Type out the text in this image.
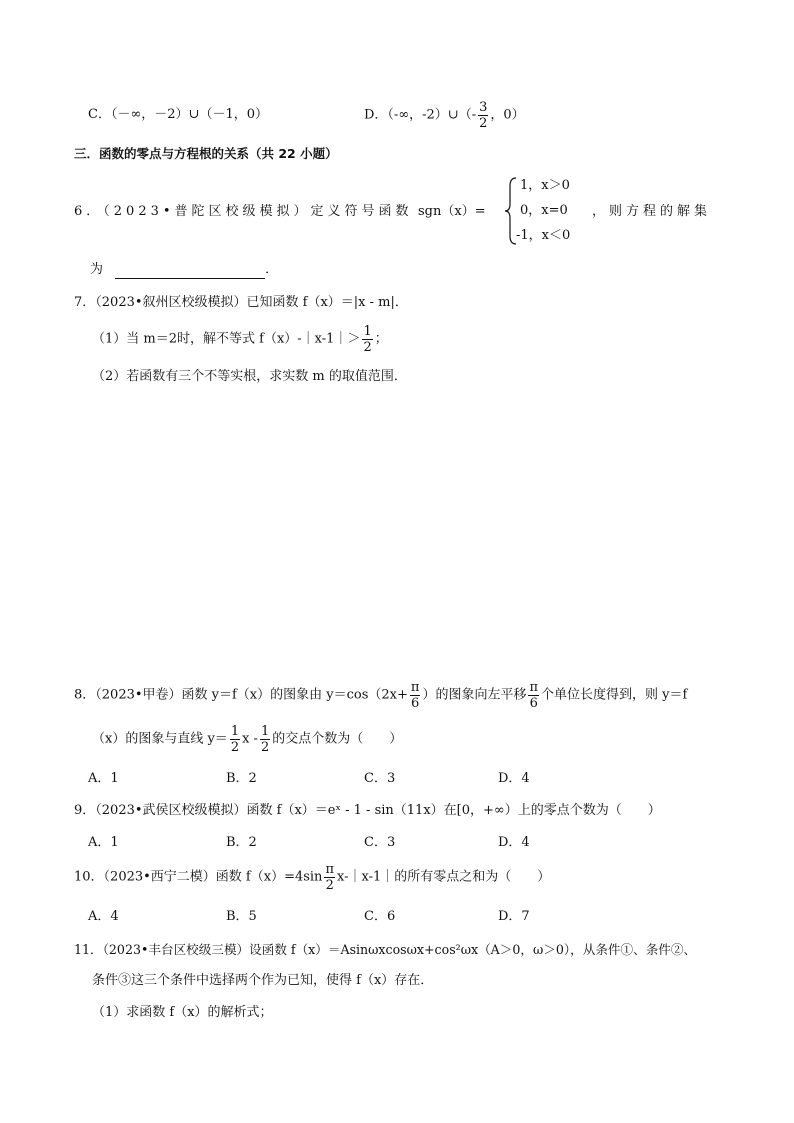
C．（－∞，－2）∪（－1，0）	D．（-∞，-2）∪（- $\frac{3}{2}$ ，0）
三．函数的零点与方程根的关系（共 22 小题）
6．（2023•普陀区校级模拟）定义符号函数 sgn（x）=
1，x＞0
0，x=0
-1，x＜0
，则方程的解集
为	．
7．（2023•叙州区校级模拟）已知函数 f（x）＝|x - m|．
（1）当 m＝2时，解不等式 f（x）-｜x-1｜＞ $\frac{1}{2}$ ；
（2）若函数有三个不等实根，求实数 m 的取值范围．
8．（2023•甲卷）函数 y＝f（x）的图象由 $y=\cos(2x+ \frac{\pi}{6}$ ）的图象向左平移 $\frac{\pi}{6}$ 个单位长度得到，则 y＝f
（x）的图象与直线 $y= \frac{1}{2}$ x - $\frac{1}{2}$ 的交点个数为（　　）
A．1	B．2	C．3	D．4
9．（2023•武侯区校级模拟）函数 f（x）＝eˣ - 1 - sin（11x）在[0，+∞）上的零点个数为（　　）
A．1	B．2	C．3	D．4
10．（2023•西宁二模）函数 $f(x)=4\sin \frac{\pi}{2}$ x-｜x-1｜的所有零点之和为（　　）
A．4	B．5	C．6	D．7
11．（2023•丰台区校级三模）设函数 f（x）＝Asinωxcosωx+cos²ωx（A＞0，ω＞0），从条件①、条件②、
条件③这三个条件中选择两个作为已知，使得 f（x）存在．
（1）求函数 f（x）的解析式；
